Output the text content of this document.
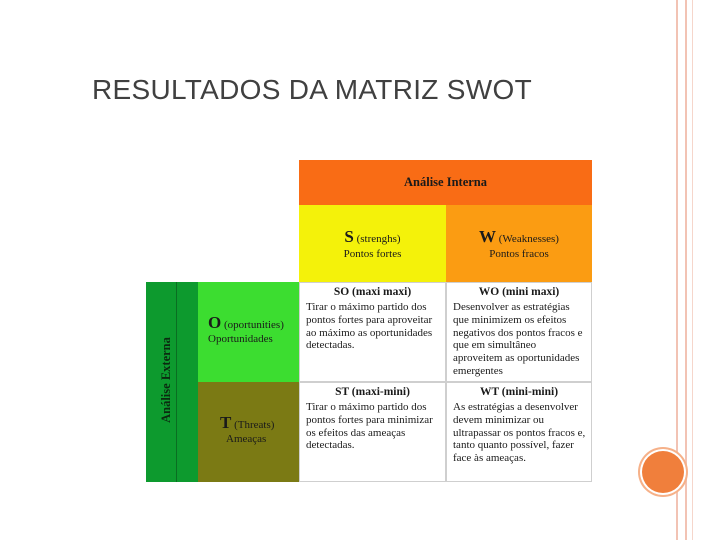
RESULTADOS DA MATRIZ SWOT
Análise Interna
Análise Externa
S (strenghs)
Pontos fortes
W (Weaknesses)
Pontos fracos
O (oportunities)
Oportunidades
T (Threats)
Ameaças
SO (maxi maxi)
Tirar o máximo partido dos pontos fortes para aproveitar ao máximo as oportunidades detectadas.
WO (mini maxi)
Desenvolver as estratégias que minimizem os efeitos negativos dos pontos fracos e que em simultâneo aproveitem as oportunidades emergentes
ST (maxi-mini)
Tirar o máximo partido dos pontos fortes para minimizar os efeitos das ameaças detectadas.
WT (mini-mini)
As estratégias a desenvolver devem minimizar ou ultrapassar os pontos fracos e, tanto quanto possível, fazer face às ameaças.
